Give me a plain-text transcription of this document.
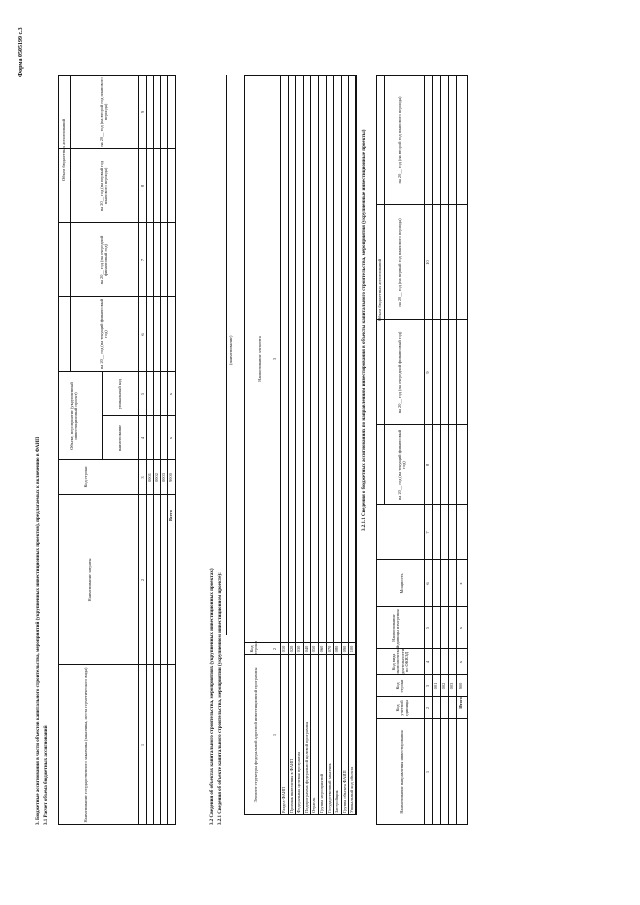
Форма 0505199 с.3
3. Бюджетные ассигнования в части объектов капитального строительства, мероприятий (укрупненных инвестиционных проектов), предлагаемых к включению в ФАИП 3.1 Расчет объема бюджетных ассигнований	Наименование государственного заказчика (заказчика, места герметического вида)
Наименование затраты
Код строки
Объект, мероприятие (укрупненный инвестиционный проект)	наименование
уникальный код
Объем бюджетных ассигнований
на 20__ год (на текущий финансовый год)
на 20__ год (на очередной финансовый год)
на 20__ год (на первый год планового периода)
на 20__ год (на второй год планового периода)
1
2
3
4
5
6
7
8
9
0001 0002 0003
Всего
9000
x
x
3.2 Сведения об объектах капитального строительства, мероприятиях (укрупненных инвестиционных проектах) 3.2.1 Сведения об объекте капитального строительства, мероприятии (укрупненном инвестиционном проекте):
(наименование)
Элемент структуры федеральной адресной инвестиционной программы
Код строки
Наименование элемента
1
2
3
Раздел ФАИП
010
Признак включения в ФАИП
020
Федеральная целевая программа
030
Подпрограмма федеральной целевой программы
040
Отрасль
050
Группа мероприятий
060
Государственный заказчик
070
Застройщик
080
Группа объекта ФАИП
090
Уникальный код объекта
100
3.2.1.1 Сведения о бюджетных ассигнованиях по направлениям инвестирования в объекты капитального строительства, мероприятия (укрупненные инвестиционные проекты)
Наименование направления инвестирования
Код учетной единицы
Код строки
Код вида экономической деятельности по ОКВЭД
Наименование единицы измерения
Мощность
Объем бюджетных ассигнований
на 20__ год (на текущий финансовый год)
на 20__ год (на очередной финансовый год)
на 20__ год (на первый год планового периода)
на 20__ год (на второй год планового периода)
1
2
3
4
5
6
7
8
9
10
001 002 003
Итого
900
x
x
x
